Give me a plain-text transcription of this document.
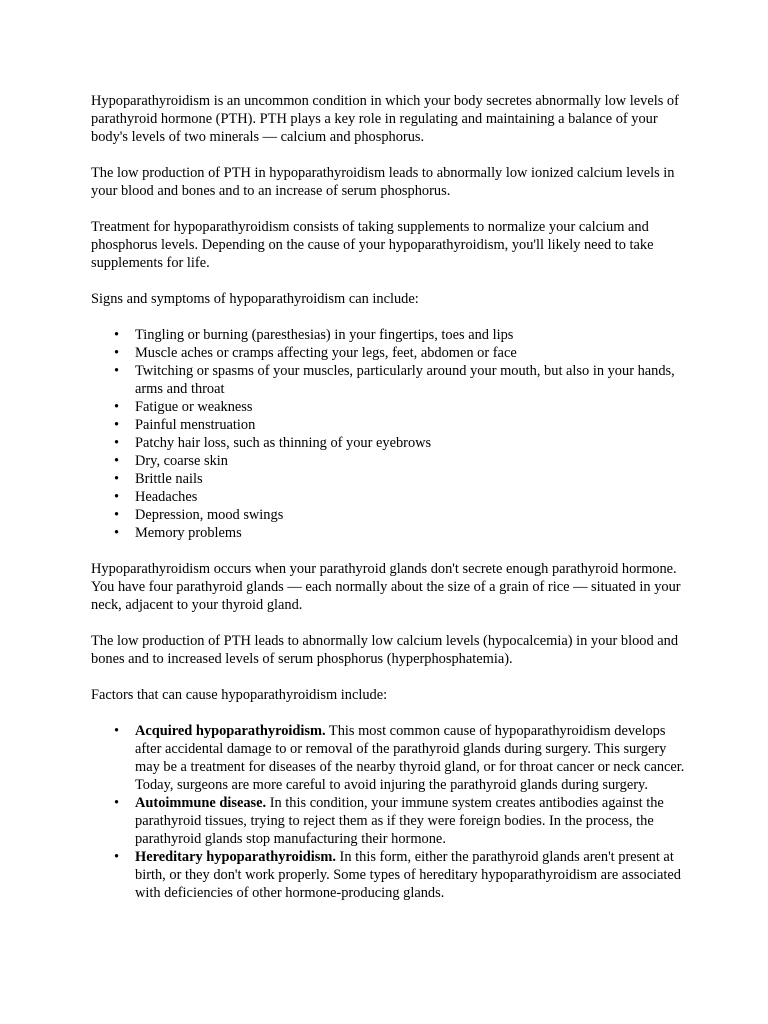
Hypoparathyroidism is an uncommon condition in which your body secretes abnormally low levels of parathyroid hormone (PTH). PTH plays a key role in regulating and maintaining a balance of your body's levels of two minerals — calcium and phosphorus.

The low production of PTH in hypoparathyroidism leads to abnormally low ionized calcium levels in your blood and bones and to an increase of serum phosphorus.

Treatment for hypoparathyroidism consists of taking supplements to normalize your calcium and phosphorus levels. Depending on the cause of your hypoparathyroidism, you'll likely need to take supplements for life.

Signs and symptoms of hypoparathyroidism can include:

• Tingling or burning (paresthesias) in your fingertips, toes and lips
• Muscle aches or cramps affecting your legs, feet, abdomen or face
• Twitching or spasms of your muscles, particularly around your mouth, but also in your hands, arms and throat
• Fatigue or weakness
• Painful menstruation
• Patchy hair loss, such as thinning of your eyebrows
• Dry, coarse skin
• Brittle nails
• Headaches
• Depression, mood swings
• Memory problems

Hypoparathyroidism occurs when your parathyroid glands don't secrete enough parathyroid hormone. You have four parathyroid glands — each normally about the size of a grain of rice — situated in your neck, adjacent to your thyroid gland.

The low production of PTH leads to abnormally low calcium levels (hypocalcemia) in your blood and bones and to increased levels of serum phosphorus (hyperphosphatemia).

Factors that can cause hypoparathyroidism include:

• Acquired hypoparathyroidism. This most common cause of hypoparathyroidism develops after accidental damage to or removal of the parathyroid glands during surgery. This surgery may be a treatment for diseases of the nearby thyroid gland, or for throat cancer or neck cancer. Today, surgeons are more careful to avoid injuring the parathyroid glands during surgery.
• Autoimmune disease. In this condition, your immune system creates antibodies against the parathyroid tissues, trying to reject them as if they were foreign bodies. In the process, the parathyroid glands stop manufacturing their hormone.
• Hereditary hypoparathyroidism. In this form, either the parathyroid glands aren't present at birth, or they don't work properly. Some types of hereditary hypoparathyroidism are associated with deficiencies of other hormone-producing glands.
